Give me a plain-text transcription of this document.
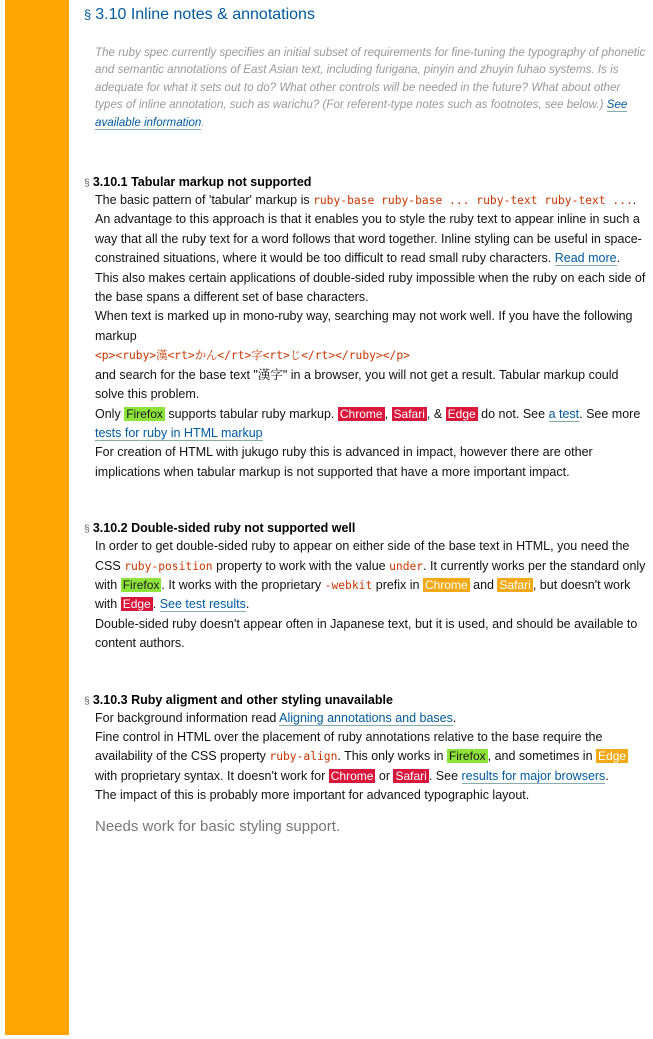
§ 3.10 Inline notes & annotations

The ruby spec currently specifies an initial subset of requirements for fine-tuning the typography of phonetic and semantic annotations of East Asian text, including furigana, pinyin and zhuyin fuhao systems. Is is adequate for what it sets out to do? What other controls will be needed in the future? What about other types of inline annotation, such as warichu? (For referent-type notes such as footnotes, see below.) See available information.

§ 3.10.1 Tabular markup not supported

The basic pattern of 'tabular' markup is ruby-base ruby-base ... ruby-text ruby-text .... An advantage to this approach is that it enables you to style the ruby text to appear inline in such a way that all the ruby text for a word follows that word together. Inline styling can be useful in space-constrained situations, where it would be too difficult to read small ruby characters. Read more.

This also makes certain applications of double-sided ruby impossible when the ruby on each side of the base spans a different set of base characters.

When text is marked up in mono-ruby way, searching may not work well. If you have the following markup

<p><ruby>漢<rt>かん</rt>字<rt>じ</rt></ruby></p>

and search for the base text "漢字" in a browser, you will not get a result. Tabular markup could solve this problem.

Only Firefox supports tabular ruby markup. Chrome , Safari , & Edge do not. See a test. See more tests for ruby in HTML markup

For creation of HTML with jukugo ruby this is advanced in impact, however there are other implications when tabular markup is not supported that have a more important impact.

§ 3.10.2 Double-sided ruby not supported well

In order to get double-sided ruby to appear on either side of the base text in HTML, you need the CSS ruby-position property to work with the value under. It currently works per the standard only with Firefox . It works with the proprietary -webkit prefix in Chrome and Safari , but doesn't work with Edge . See test results.

Double-sided ruby doesn't appear often in Japanese text, but it is used, and should be available to content authors.

§ 3.10.3 Ruby aligment and other styling unavailable

For background information read Aligning annotations and bases.

Fine control in HTML over the placement of ruby annotations relative to the base require the availability of the CSS property ruby-align. This only works in Firefox , and sometimes in Edge with proprietary syntax. It doesn't work for Chrome or Safari . See results for major browsers.

The impact of this is probably more important for advanced typographic layout.

Needs work for basic styling support.
